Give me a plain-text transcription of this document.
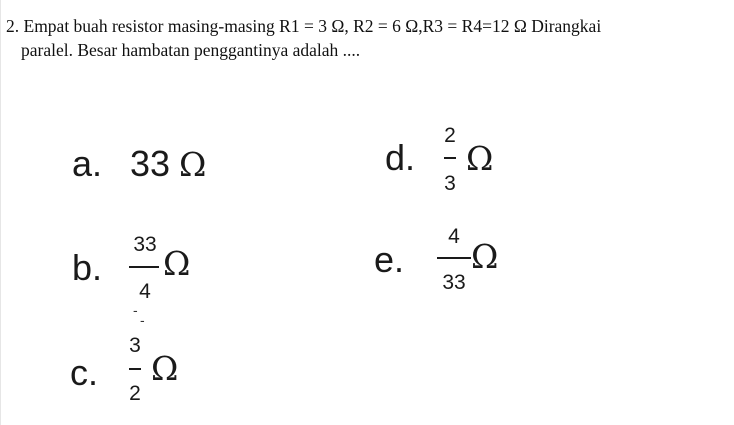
2. Empat buah resistor masing-masing R1 = 3 Ω, R2 = 6 Ω,R3 = R4=12 Ω Dirangkai
paralel. Besar hambatan penggantinya adalah ....
a. 33 Ω
b.
33
4
Ω
-
-
c.
3
2
Ω
d.
2
3
Ω
e.
4
33
Ω
